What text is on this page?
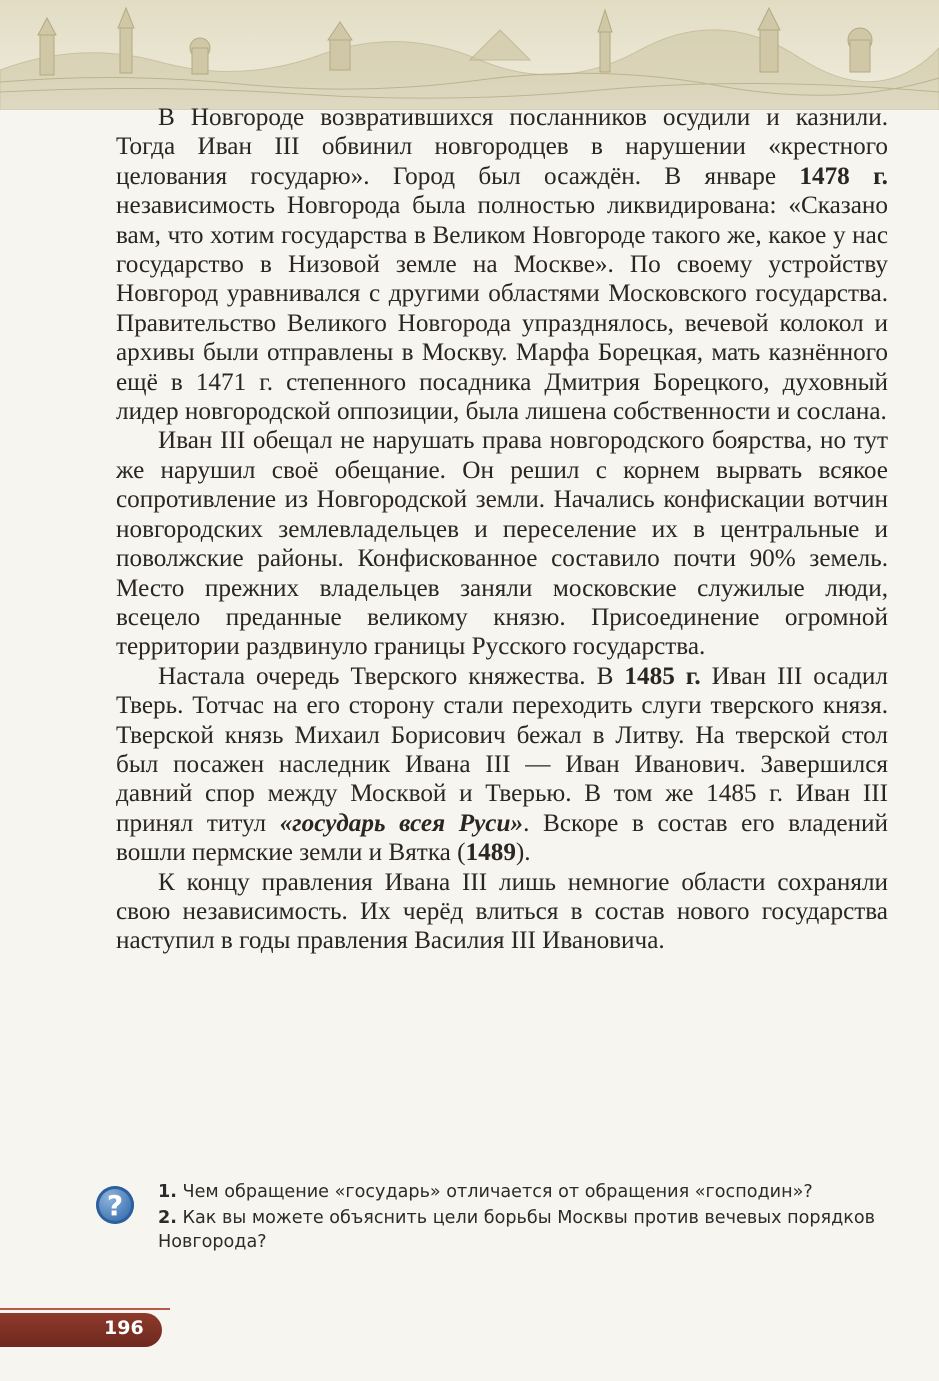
В Новгороде возвратившихся посланников осудили и казнили. Тогда Иван III обвинил новгородцев в нарушении «крестного целования государю». Город был осаждён. В январе 1478 г. независимость Новгорода была полностью ликвидирована: «Сказано вам, что хотим государства в Великом Новгороде такого же, какое у нас государство в Низовой земле на Москве». По своему устройству Новгород уравнивался с другими областями Московского государства. Правительство Великого Новгорода упразднялось, вечевой колокол и архивы были отправлены в Москву. Марфа Борецкая, мать казнённого ещё в 1471 г. степенного посадника Дмитрия Борецкого, духовный лидер новгородской оппозиции, была лишена собственности и сослана.

Иван III обещал не нарушать права новгородского боярства, но тут же нарушил своё обещание. Он решил с корнем вырвать всякое сопротивление из Новгородской земли. Начались конфискации вотчин новгородских землевладельцев и переселение их в центральные и поволжские районы. Конфискованное составило почти 90% земель. Место прежних владельцев заняли московские служилые люди, всецело преданные великому князю. Присоединение огромной территории раздвинуло границы Русского государства.

Настала очередь Тверского княжества. В 1485 г. Иван III осадил Тверь. Тотчас на его сторону стали переходить слуги тверского князя. Тверской князь Михаил Борисович бежал в Литву. На тверской стол был посажен наследник Ивана III — Иван Иванович. Завершился давний спор между Москвой и Тверью. В том же 1485 г. Иван III принял титул «государь всея Руси». Вскоре в состав его владений вошли пермские земли и Вятка (1489).

К концу правления Ивана III лишь немногие области сохраняли свою независимость. Их черёд влиться в состав нового государства наступил в годы правления Василия III Ивановича.

?	1. Чем обращение «государь» отличается от обращения «господин»?

2. Как вы можете объяснить цели борьбы Москвы против вечевых порядков Новгорода?

196
